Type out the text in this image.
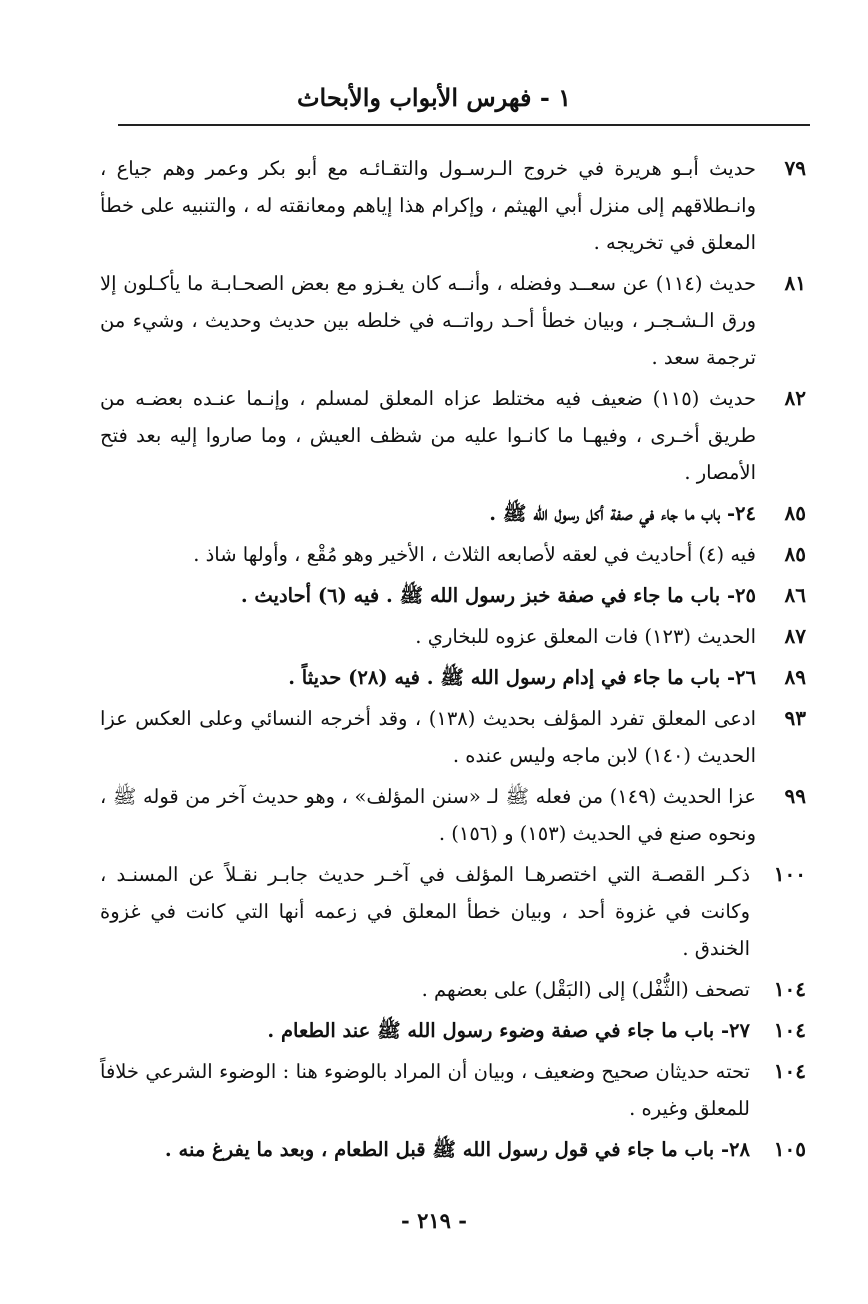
١ - فهرس الأبواب والأبحاث
٧٩
حديث أبـو هريرة في خروج الـرسـول والتقـائـه مع أبو بكر وعمر وهم جياع ، وانـطلاقهم إلى منزل أبي الهيثم ، وإكرام هذا إياهم ومعانقته له ، والتنبيه على خطأ المعلق في تخريجه .
٨١
حديث (١١٤) عن سعــد وفضله ، وأنــه كان يغـزو مع بعض الصحـابـة ما يأكـلون إلا ورق الـشـجـر ، وبيان خطأ أحـد رواتــه في خلطه بين حديث وحديث ، وشيء من ترجمة سعد .
٨٢
حديث (١١٥) ضعيف فيه مختلط عزاه المعلق لمسلم ، وإنـما عنـده بعضـه من طريق أخـرى ، وفيهـا ما كانـوا عليه من شظف العيش ، وما صاروا إليه بعد فتح الأمصار .
٨٥
٢٤- باب ما جاء في صفة أكل رسول الله ﷺ .
٨٥
فيه (٤) أحاديث في لعقه لأصابعه الثلاث ، الأخير وهو مُقْع ، وأولها شاذ .
٨٦
٢٥- باب ما جاء في صفة خبز رسول الله ﷺ . فيه (٦) أحاديث .
٨٧
الحديث (١٢٣) فات المعلق عزوه للبخاري .
٨٩
٢٦- باب ما جاء في إدام رسول الله ﷺ . فيه (٢٨) حديثاً .
٩٣
ادعى المعلق تفرد المؤلف بحديث (١٣٨) ، وقد أخرجه النسائي وعلى العكس عزا الحديث (١٤٠) لابن ماجه وليس عنده .
٩٩
عزا الحديث (١٤٩) من فعله ﷺ لـ «سنن المؤلف» ، وهو حديث آخر من قوله ﷺ ، ونحوه صنع في الحديث (١٥٣) و (١٥٦) .
١٠٠
ذكـر القصـة التي اختصرهـا المؤلف في آخـر حديث جابـر نقـلاً عن المسنـد ، وكانت في غزوة أحد ، وبيان خطأ المعلق في زعمه أنها التي كانت في غزوة الخندق .
١٠٤
تصحف (الثُّفْل) إلى (البَقْل) على بعضهم .
١٠٤
٢٧- باب ما جاء في صفة وضوء رسول الله ﷺ عند الطعام .
١٠٤
تحته حديثان صحيح وضعيف ، وبيان أن المراد بالوضوء هنا : الوضوء الشرعي خلافاً للمعلق وغيره .
١٠٥
٢٨- باب ما جاء في قول رسول الله ﷺ قبل الطعام ، وبعد ما يفرغ منه .
- ٢١٩ -
